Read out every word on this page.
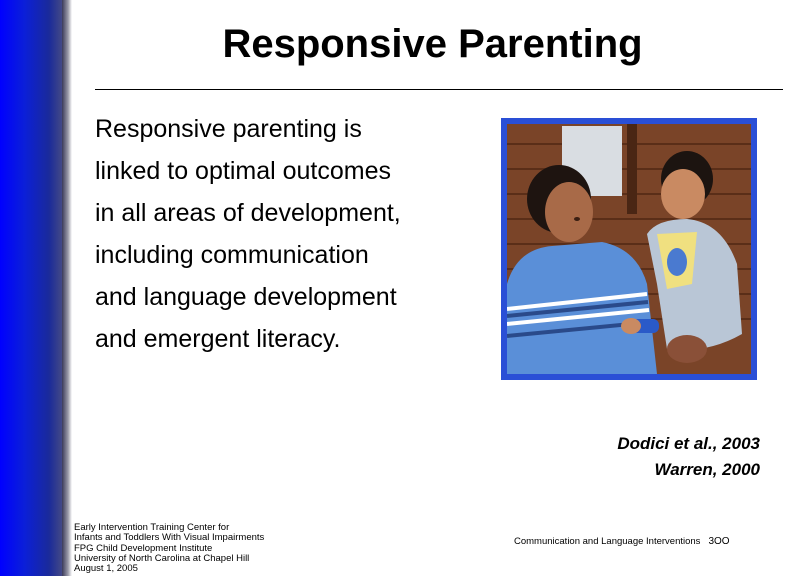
Responsive Parenting
Responsive parenting is
linked to optimal outcomes
in all areas of development,
including communication
and language development
and emergent literacy.
Dodici et al., 2003
Warren, 2000
Early Intervention Training Center for
Infants and Toddlers With Visual Impairments
FPG Child Development Institute
University of North Carolina at Chapel Hill
August 1, 2005
Communication and Language Interventions 3OO
